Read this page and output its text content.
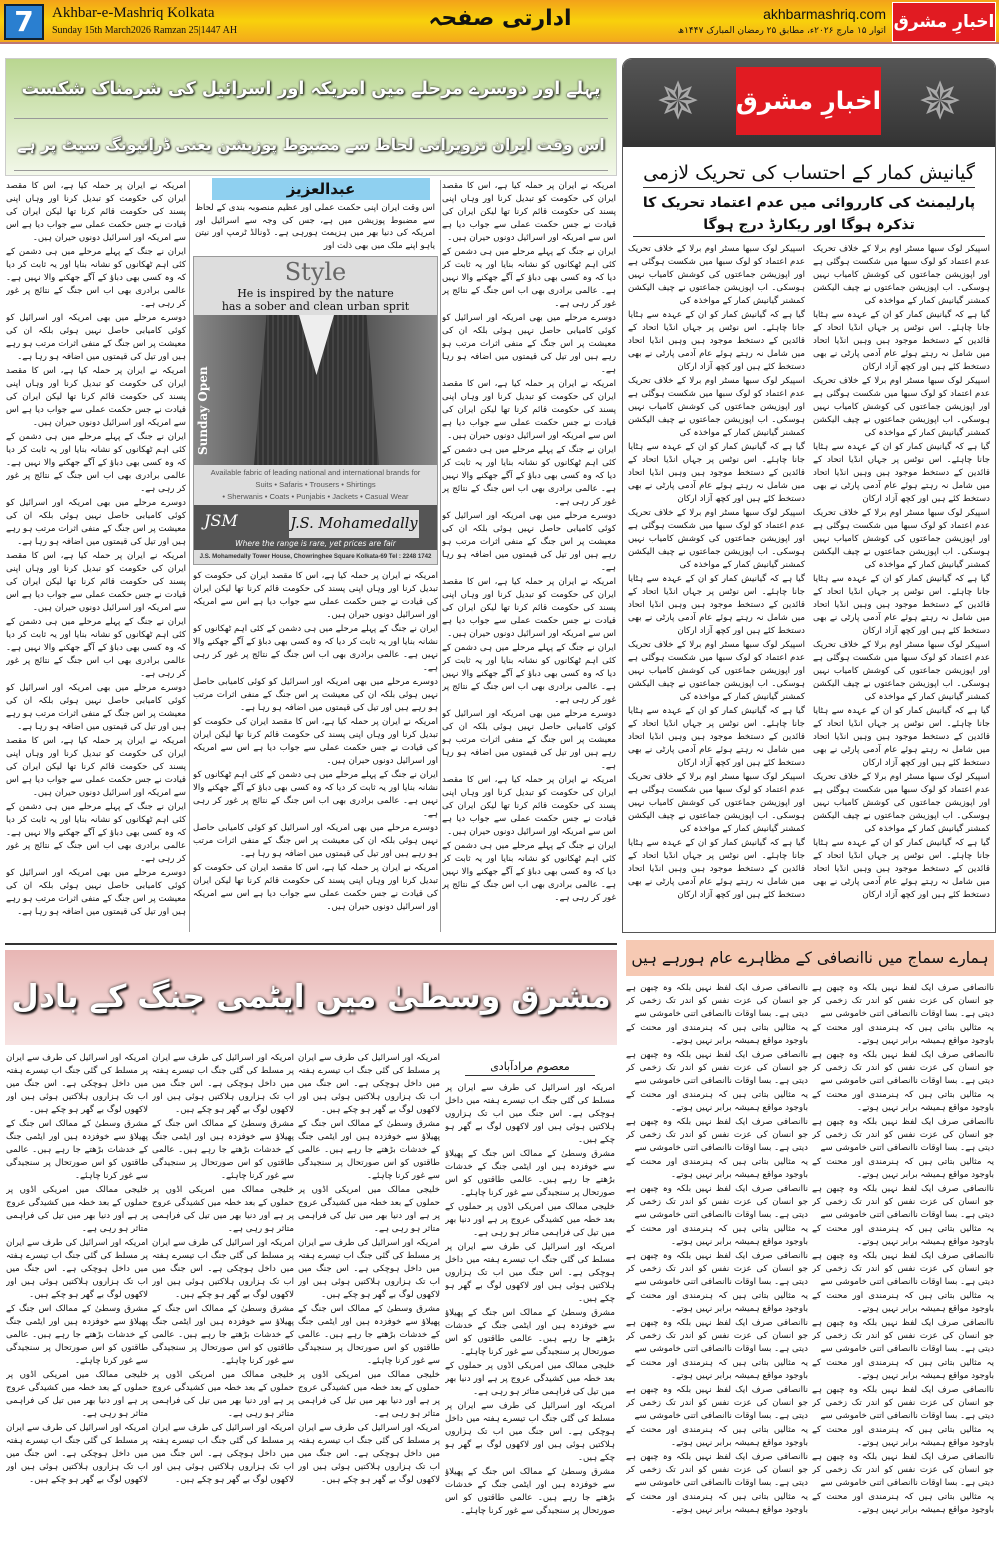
7	Akhbar-e-Mashriq Kolkata
Sunday 15th March2026 Ramzan 25|1447 AH	ادارتی صفحہ	akhbarmashriq.com
اتوار ۱۵ مارچ ۲۰۲۶ء، مطابق ۲۵ رمضان المبارک ۱۴۴۷ھ اخبارِ مشرق
پہلے اور دوسرے مرحلے میں امریکہ اور اسرائیل کی شرمناک شکست
اس وقت ایران تزویراتی لحاظ سے مضبوط پوزیشن یعنی ڈرائیونگ سیٹ پر ہے

امریکہ نے ایران پر حملہ کیا ہے، اس کا مقصد ایران کی حکومت کو تبدیل کرنا اور وہاں اپنی پسند کی حکومت قائم کرنا تھا لیکن ایران کی قیادت نے جس حکمت عملی سے جواب دیا ہے اس سے امریکہ اور اسرائیل دونوں حیران ہیں۔

ایران نے جنگ کے پہلے مرحلے میں ہی دشمن کے کئی اہم ٹھکانوں کو نشانہ بنایا اور یہ ثابت کر دیا کہ وہ کسی بھی دباؤ کے آگے جھکنے والا نہیں ہے۔ عالمی برادری بھی اب اس جنگ کے نتائج پر غور کر رہی ہے۔

دوسرے مرحلے میں بھی امریکہ اور اسرائیل کو کوئی کامیابی حاصل نہیں ہوئی بلکہ ان کی معیشت پر اس جنگ کے منفی اثرات مرتب ہو رہے ہیں اور تیل کی قیمتوں میں اضافہ ہو رہا ہے۔

امریکہ نے ایران پر حملہ کیا ہے، اس کا مقصد ایران کی حکومت کو تبدیل کرنا اور وہاں اپنی پسند کی حکومت قائم کرنا تھا لیکن ایران کی قیادت نے جس حکمت عملی سے جواب دیا ہے اس سے امریکہ اور اسرائیل دونوں حیران ہیں۔

ایران نے جنگ کے پہلے مرحلے میں ہی دشمن کے کئی اہم ٹھکانوں کو نشانہ بنایا اور یہ ثابت کر دیا کہ وہ کسی بھی دباؤ کے آگے جھکنے والا نہیں ہے۔ عالمی برادری بھی اب اس جنگ کے نتائج پر غور کر رہی ہے۔

دوسرے مرحلے میں بھی امریکہ اور اسرائیل کو کوئی کامیابی حاصل نہیں ہوئی بلکہ ان کی معیشت پر اس جنگ کے منفی اثرات مرتب ہو رہے ہیں اور تیل کی قیمتوں میں اضافہ ہو رہا ہے۔

امریکہ نے ایران پر حملہ کیا ہے، اس کا مقصد ایران کی حکومت کو تبدیل کرنا اور وہاں اپنی پسند کی حکومت قائم کرنا تھا لیکن ایران کی قیادت نے جس حکمت عملی سے جواب دیا ہے اس سے امریکہ اور اسرائیل دونوں حیران ہیں۔

ایران نے جنگ کے پہلے مرحلے میں ہی دشمن کے کئی اہم ٹھکانوں کو نشانہ بنایا اور یہ ثابت کر دیا کہ وہ کسی بھی دباؤ کے آگے جھکنے والا نہیں ہے۔ عالمی برادری بھی اب اس جنگ کے نتائج پر غور کر رہی ہے۔

دوسرے مرحلے میں بھی امریکہ اور اسرائیل کو کوئی کامیابی حاصل نہیں ہوئی بلکہ ان کی معیشت پر اس جنگ کے منفی اثرات مرتب ہو رہے ہیں اور تیل کی قیمتوں میں اضافہ ہو رہا ہے۔

امریکہ نے ایران پر حملہ کیا ہے، اس کا مقصد ایران کی حکومت کو تبدیل کرنا اور وہاں اپنی پسند کی حکومت قائم کرنا تھا لیکن ایران کی قیادت نے جس حکمت عملی سے جواب دیا ہے اس سے امریکہ اور اسرائیل دونوں حیران ہیں۔

ایران نے جنگ کے پہلے مرحلے میں ہی دشمن کے کئی اہم ٹھکانوں کو نشانہ بنایا اور یہ ثابت کر دیا کہ وہ کسی بھی دباؤ کے آگے جھکنے والا نہیں ہے۔ عالمی برادری بھی اب اس جنگ کے نتائج پر غور کر رہی ہے۔

عبدالعزیز
اس وقت ایران اپنی حکمت عملی اور عظیم منصوبہ بندی کے لحاظ سے مضبوط پوزیشن میں ہے، جس کی وجہ سے اسرائیل اور امریکہ کی دنیا بھر میں ہزیمت ہورہی ہے۔ ڈونالڈ ٹرمپ اور نیتن یاہو اپنے ملک میں بھی ذلت اور

امریکہ نے ایران پر حملہ کیا ہے، اس کا مقصد ایران کی حکومت کو تبدیل کرنا اور وہاں اپنی پسند کی حکومت قائم کرنا تھا لیکن ایران کی قیادت نے جس حکمت عملی سے جواب دیا ہے اس سے امریکہ اور اسرائیل دونوں حیران ہیں۔

ایران نے جنگ کے پہلے مرحلے میں ہی دشمن کے کئی اہم ٹھکانوں کو نشانہ بنایا اور یہ ثابت کر دیا کہ وہ کسی بھی دباؤ کے آگے جھکنے والا نہیں ہے۔ عالمی برادری بھی اب اس جنگ کے نتائج پر غور کر رہی ہے۔

دوسرے مرحلے میں بھی امریکہ اور اسرائیل کو کوئی کامیابی حاصل نہیں ہوئی بلکہ ان کی معیشت پر اس جنگ کے منفی اثرات مرتب ہو رہے ہیں اور تیل کی قیمتوں میں اضافہ ہو رہا ہے۔

امریکہ نے ایران پر حملہ کیا ہے، اس کا مقصد ایران کی حکومت کو تبدیل کرنا اور وہاں اپنی پسند کی حکومت قائم کرنا تھا لیکن ایران کی قیادت نے جس حکمت عملی سے جواب دیا ہے اس سے امریکہ اور اسرائیل دونوں حیران ہیں۔

ایران نے جنگ کے پہلے مرحلے میں ہی دشمن کے کئی اہم ٹھکانوں کو نشانہ بنایا اور یہ ثابت کر دیا کہ وہ کسی بھی دباؤ کے آگے جھکنے والا نہیں ہے۔ عالمی برادری بھی اب اس جنگ کے نتائج پر غور کر رہی ہے۔

دوسرے مرحلے میں بھی امریکہ اور اسرائیل کو کوئی کامیابی حاصل نہیں ہوئی بلکہ ان کی معیشت پر اس جنگ کے منفی اثرات مرتب ہو رہے ہیں اور تیل کی قیمتوں میں اضافہ ہو رہا ہے۔

امریکہ نے ایران پر حملہ کیا ہے، اس کا مقصد ایران کی حکومت کو تبدیل کرنا اور وہاں اپنی پسند کی حکومت قائم کرنا تھا لیکن ایران کی قیادت نے جس حکمت عملی سے جواب دیا ہے اس سے امریکہ اور اسرائیل دونوں حیران ہیں۔

امریکہ نے ایران پر حملہ کیا ہے، اس کا مقصد ایران کی حکومت کو تبدیل کرنا اور وہاں اپنی پسند کی حکومت قائم کرنا تھا لیکن ایران کی قیادت نے جس حکمت عملی سے جواب دیا ہے اس سے امریکہ اور اسرائیل دونوں حیران ہیں۔

ایران نے جنگ کے پہلے مرحلے میں ہی دشمن کے کئی اہم ٹھکانوں کو نشانہ بنایا اور یہ ثابت کر دیا کہ وہ کسی بھی دباؤ کے آگے جھکنے والا نہیں ہے۔ عالمی برادری بھی اب اس جنگ کے نتائج پر غور کر رہی ہے۔

دوسرے مرحلے میں بھی امریکہ اور اسرائیل کو کوئی کامیابی حاصل نہیں ہوئی بلکہ ان کی معیشت پر اس جنگ کے منفی اثرات مرتب ہو رہے ہیں اور تیل کی قیمتوں میں اضافہ ہو رہا ہے۔

امریکہ نے ایران پر حملہ کیا ہے، اس کا مقصد ایران کی حکومت کو تبدیل کرنا اور وہاں اپنی پسند کی حکومت قائم کرنا تھا لیکن ایران کی قیادت نے جس حکمت عملی سے جواب دیا ہے اس سے امریکہ اور اسرائیل دونوں حیران ہیں۔

ایران نے جنگ کے پہلے مرحلے میں ہی دشمن کے کئی اہم ٹھکانوں کو نشانہ بنایا اور یہ ثابت کر دیا کہ وہ کسی بھی دباؤ کے آگے جھکنے والا نہیں ہے۔ عالمی برادری بھی اب اس جنگ کے نتائج پر غور کر رہی ہے۔

دوسرے مرحلے میں بھی امریکہ اور اسرائیل کو کوئی کامیابی حاصل نہیں ہوئی بلکہ ان کی معیشت پر اس جنگ کے منفی اثرات مرتب ہو رہے ہیں اور تیل کی قیمتوں میں اضافہ ہو رہا ہے۔

امریکہ نے ایران پر حملہ کیا ہے، اس کا مقصد ایران کی حکومت کو تبدیل کرنا اور وہاں اپنی پسند کی حکومت قائم کرنا تھا لیکن ایران کی قیادت نے جس حکمت عملی سے جواب دیا ہے اس سے امریکہ اور اسرائیل دونوں حیران ہیں۔

ایران نے جنگ کے پہلے مرحلے میں ہی دشمن کے کئی اہم ٹھکانوں کو نشانہ بنایا اور یہ ثابت کر دیا کہ وہ کسی بھی دباؤ کے آگے جھکنے والا نہیں ہے۔ عالمی برادری بھی اب اس جنگ کے نتائج پر غور کر رہی ہے۔

دوسرے مرحلے میں بھی امریکہ اور اسرائیل کو کوئی کامیابی حاصل نہیں ہوئی بلکہ ان کی معیشت پر اس جنگ کے منفی اثرات مرتب ہو رہے ہیں اور تیل کی قیمتوں میں اضافہ ہو رہا ہے۔

امریکہ نے ایران پر حملہ کیا ہے، اس کا مقصد ایران کی حکومت کو تبدیل کرنا اور وہاں اپنی پسند کی حکومت قائم کرنا تھا لیکن ایران کی قیادت نے جس حکمت عملی سے جواب دیا ہے اس سے امریکہ اور اسرائیل دونوں حیران ہیں۔

ایران نے جنگ کے پہلے مرحلے میں ہی دشمن کے کئی اہم ٹھکانوں کو نشانہ بنایا اور یہ ثابت کر دیا کہ وہ کسی بھی دباؤ کے آگے جھکنے والا نہیں ہے۔ عالمی برادری بھی اب اس جنگ کے نتائج پر غور کر رہی ہے۔

دوسرے مرحلے میں بھی امریکہ اور اسرائیل کو کوئی کامیابی حاصل نہیں ہوئی بلکہ ان کی معیشت پر اس جنگ کے منفی اثرات مرتب ہو رہے ہیں اور تیل کی قیمتوں میں اضافہ ہو رہا ہے۔

Style
He is inspired by the nature
has a sober and clean urban sprit
Sunday Open
Available fabric of leading national and international brands for
Suits • Safaris • Trousers • Shirtings
• Sherwanis • Coats • Punjabis • Jackets • Casual Wear
JSM	J.S. Mohamedally
Where the range is rare, yet prices are fair
J.S. Mohamedally Tower House, Chowringhee Square Kolkata-69 Tel : 2248 1742
مشرق وسطیٰ میں ایٹمی جنگ کے بادل
معصوم مرادآبادی

امریکہ اور اسرائیل کی طرف سے ایران پر مسلط کی گئی جنگ اب تیسرے ہفتہ میں داخل ہوچکی ہے۔ اس جنگ میں اب تک ہزاروں ہلاکتیں ہوئی ہیں اور لاکھوں لوگ بے گھر ہو چکے ہیں۔

مشرق وسطیٰ کے ممالک اس جنگ کے پھیلاؤ سے خوفزدہ ہیں اور ایٹمی جنگ کے خدشات بڑھتے جا رہے ہیں۔ عالمی طاقتوں کو اس صورتحال پر سنجیدگی سے غور کرنا چاہئے۔

خلیجی ممالک میں امریکی اڈوں پر حملوں کے بعد خطہ میں کشیدگی عروج پر ہے اور دنیا بھر میں تیل کی فراہمی متاثر ہو رہی ہے۔

امریکہ اور اسرائیل کی طرف سے ایران پر مسلط کی گئی جنگ اب تیسرے ہفتہ میں داخل ہوچکی ہے۔ اس جنگ میں اب تک ہزاروں ہلاکتیں ہوئی ہیں اور لاکھوں لوگ بے گھر ہو چکے ہیں۔

مشرق وسطیٰ کے ممالک اس جنگ کے پھیلاؤ سے خوفزدہ ہیں اور ایٹمی جنگ کے خدشات بڑھتے جا رہے ہیں۔ عالمی طاقتوں کو اس صورتحال پر سنجیدگی سے غور کرنا چاہئے۔

خلیجی ممالک میں امریکی اڈوں پر حملوں کے بعد خطہ میں کشیدگی عروج پر ہے اور دنیا بھر میں تیل کی فراہمی متاثر ہو رہی ہے۔

امریکہ اور اسرائیل کی طرف سے ایران پر مسلط کی گئی جنگ اب تیسرے ہفتہ میں داخل ہوچکی ہے۔ اس جنگ میں اب تک ہزاروں ہلاکتیں ہوئی ہیں اور لاکھوں لوگ بے گھر ہو چکے ہیں۔

مشرق وسطیٰ کے ممالک اس جنگ کے پھیلاؤ سے خوفزدہ ہیں اور ایٹمی جنگ کے خدشات بڑھتے جا رہے ہیں۔ عالمی طاقتوں کو اس صورتحال پر سنجیدگی سے غور کرنا چاہئے۔

امریکہ اور اسرائیل کی طرف سے ایران پر مسلط کی گئی جنگ اب تیسرے ہفتہ میں داخل ہوچکی ہے۔ اس جنگ میں اب تک ہزاروں ہلاکتیں ہوئی ہیں اور لاکھوں لوگ بے گھر ہو چکے ہیں۔

مشرق وسطیٰ کے ممالک اس جنگ کے پھیلاؤ سے خوفزدہ ہیں اور ایٹمی جنگ کے خدشات بڑھتے جا رہے ہیں۔ عالمی طاقتوں کو اس صورتحال پر سنجیدگی سے غور کرنا چاہئے۔

خلیجی ممالک میں امریکی اڈوں پر حملوں کے بعد خطہ میں کشیدگی عروج پر ہے اور دنیا بھر میں تیل کی فراہمی متاثر ہو رہی ہے۔

امریکہ اور اسرائیل کی طرف سے ایران پر مسلط کی گئی جنگ اب تیسرے ہفتہ میں داخل ہوچکی ہے۔ اس جنگ میں اب تک ہزاروں ہلاکتیں ہوئی ہیں اور لاکھوں لوگ بے گھر ہو چکے ہیں۔

مشرق وسطیٰ کے ممالک اس جنگ کے پھیلاؤ سے خوفزدہ ہیں اور ایٹمی جنگ کے خدشات بڑھتے جا رہے ہیں۔ عالمی طاقتوں کو اس صورتحال پر سنجیدگی سے غور کرنا چاہئے۔

خلیجی ممالک میں امریکی اڈوں پر حملوں کے بعد خطہ میں کشیدگی عروج پر ہے اور دنیا بھر میں تیل کی فراہمی متاثر ہو رہی ہے۔

امریکہ اور اسرائیل کی طرف سے ایران پر مسلط کی گئی جنگ اب تیسرے ہفتہ میں داخل ہوچکی ہے۔ اس جنگ میں اب تک ہزاروں ہلاکتیں ہوئی ہیں اور لاکھوں لوگ بے گھر ہو چکے ہیں۔

امریکہ اور اسرائیل کی طرف سے ایران پر مسلط کی گئی جنگ اب تیسرے ہفتہ میں داخل ہوچکی ہے۔ اس جنگ میں اب تک ہزاروں ہلاکتیں ہوئی ہیں اور لاکھوں لوگ بے گھر ہو چکے ہیں۔

مشرق وسطیٰ کے ممالک اس جنگ کے پھیلاؤ سے خوفزدہ ہیں اور ایٹمی جنگ کے خدشات بڑھتے جا رہے ہیں۔ عالمی طاقتوں کو اس صورتحال پر سنجیدگی سے غور کرنا چاہئے۔

خلیجی ممالک میں امریکی اڈوں پر حملوں کے بعد خطہ میں کشیدگی عروج پر ہے اور دنیا بھر میں تیل کی فراہمی متاثر ہو رہی ہے۔

امریکہ اور اسرائیل کی طرف سے ایران پر مسلط کی گئی جنگ اب تیسرے ہفتہ میں داخل ہوچکی ہے۔ اس جنگ میں اب تک ہزاروں ہلاکتیں ہوئی ہیں اور لاکھوں لوگ بے گھر ہو چکے ہیں۔

مشرق وسطیٰ کے ممالک اس جنگ کے پھیلاؤ سے خوفزدہ ہیں اور ایٹمی جنگ کے خدشات بڑھتے جا رہے ہیں۔ عالمی طاقتوں کو اس صورتحال پر سنجیدگی سے غور کرنا چاہئے۔

خلیجی ممالک میں امریکی اڈوں پر حملوں کے بعد خطہ میں کشیدگی عروج پر ہے اور دنیا بھر میں تیل کی فراہمی متاثر ہو رہی ہے۔

امریکہ اور اسرائیل کی طرف سے ایران پر مسلط کی گئی جنگ اب تیسرے ہفتہ میں داخل ہوچکی ہے۔ اس جنگ میں اب تک ہزاروں ہلاکتیں ہوئی ہیں اور لاکھوں لوگ بے گھر ہو چکے ہیں۔

امریکہ اور اسرائیل کی طرف سے ایران پر مسلط کی گئی جنگ اب تیسرے ہفتہ میں داخل ہوچکی ہے۔ اس جنگ میں اب تک ہزاروں ہلاکتیں ہوئی ہیں اور لاکھوں لوگ بے گھر ہو چکے ہیں۔

مشرق وسطیٰ کے ممالک اس جنگ کے پھیلاؤ سے خوفزدہ ہیں اور ایٹمی جنگ کے خدشات بڑھتے جا رہے ہیں۔ عالمی طاقتوں کو اس صورتحال پر سنجیدگی سے غور کرنا چاہئے۔

خلیجی ممالک میں امریکی اڈوں پر حملوں کے بعد خطہ میں کشیدگی عروج پر ہے اور دنیا بھر میں تیل کی فراہمی متاثر ہو رہی ہے۔

امریکہ اور اسرائیل کی طرف سے ایران پر مسلط کی گئی جنگ اب تیسرے ہفتہ میں داخل ہوچکی ہے۔ اس جنگ میں اب تک ہزاروں ہلاکتیں ہوئی ہیں اور لاکھوں لوگ بے گھر ہو چکے ہیں۔

مشرق وسطیٰ کے ممالک اس جنگ کے پھیلاؤ سے خوفزدہ ہیں اور ایٹمی جنگ کے خدشات بڑھتے جا رہے ہیں۔ عالمی طاقتوں کو اس صورتحال پر سنجیدگی سے غور کرنا چاہئے۔

خلیجی ممالک میں امریکی اڈوں پر حملوں کے بعد خطہ میں کشیدگی عروج پر ہے اور دنیا بھر میں تیل کی فراہمی متاثر ہو رہی ہے۔

امریکہ اور اسرائیل کی طرف سے ایران پر مسلط کی گئی جنگ اب تیسرے ہفتہ میں داخل ہوچکی ہے۔ اس جنگ میں اب تک ہزاروں ہلاکتیں ہوئی ہیں اور لاکھوں لوگ بے گھر ہو چکے ہیں۔

✵	اخبارِ مشرق ✵
گیانیش کمار کے احتساب کی تحریک لازمی
پارلیمنٹ کی کارروائی میں عدم اعتماد تحریک کا تذکرہ ہوگا اور ریکارڈ درج ہوگا

اسپیکر لوک سبھا مسٹر اوم برلا کے خلاف تحریک عدم اعتماد کو لوک سبھا میں شکست ہوگئی ہے اور اپوزیشن جماعتوں کی کوشش کامیاب نہیں ہوسکی۔ اب اپوزیشن جماعتوں نے چیف الیکشن کمشنر گیانیش کمار کے مواخذہ کی

گیا ہے کہ گیانیش کمار کو ان کے عہدہ سے ہٹایا جانا چاہئے۔ اس نوٹس پر جہاں انڈیا اتحاد کے قائدین کے دستخط موجود ہیں وہیں انڈیا اتحاد میں شامل نہ رہتے ہوئے عام آدمی پارٹی نے بھی دستخط کئے ہیں اور کچھ آزاد ارکان

اسپیکر لوک سبھا مسٹر اوم برلا کے خلاف تحریک عدم اعتماد کو لوک سبھا میں شکست ہوگئی ہے اور اپوزیشن جماعتوں کی کوشش کامیاب نہیں ہوسکی۔ اب اپوزیشن جماعتوں نے چیف الیکشن کمشنر گیانیش کمار کے مواخذہ کی

گیا ہے کہ گیانیش کمار کو ان کے عہدہ سے ہٹایا جانا چاہئے۔ اس نوٹس پر جہاں انڈیا اتحاد کے قائدین کے دستخط موجود ہیں وہیں انڈیا اتحاد میں شامل نہ رہتے ہوئے عام آدمی پارٹی نے بھی دستخط کئے ہیں اور کچھ آزاد ارکان

اسپیکر لوک سبھا مسٹر اوم برلا کے خلاف تحریک عدم اعتماد کو لوک سبھا میں شکست ہوگئی ہے اور اپوزیشن جماعتوں کی کوشش کامیاب نہیں ہوسکی۔ اب اپوزیشن جماعتوں نے چیف الیکشن کمشنر گیانیش کمار کے مواخذہ کی

گیا ہے کہ گیانیش کمار کو ان کے عہدہ سے ہٹایا جانا چاہئے۔ اس نوٹس پر جہاں انڈیا اتحاد کے قائدین کے دستخط موجود ہیں وہیں انڈیا اتحاد میں شامل نہ رہتے ہوئے عام آدمی پارٹی نے بھی دستخط کئے ہیں اور کچھ آزاد ارکان

اسپیکر لوک سبھا مسٹر اوم برلا کے خلاف تحریک عدم اعتماد کو لوک سبھا میں شکست ہوگئی ہے اور اپوزیشن جماعتوں کی کوشش کامیاب نہیں ہوسکی۔ اب اپوزیشن جماعتوں نے چیف الیکشن کمشنر گیانیش کمار کے مواخذہ کی

گیا ہے کہ گیانیش کمار کو ان کے عہدہ سے ہٹایا جانا چاہئے۔ اس نوٹس پر جہاں انڈیا اتحاد کے قائدین کے دستخط موجود ہیں وہیں انڈیا اتحاد میں شامل نہ رہتے ہوئے عام آدمی پارٹی نے بھی دستخط کئے ہیں اور کچھ آزاد ارکان

اسپیکر لوک سبھا مسٹر اوم برلا کے خلاف تحریک عدم اعتماد کو لوک سبھا میں شکست ہوگئی ہے اور اپوزیشن جماعتوں کی کوشش کامیاب نہیں ہوسکی۔ اب اپوزیشن جماعتوں نے چیف الیکشن کمشنر گیانیش کمار کے مواخذہ کی

گیا ہے کہ گیانیش کمار کو ان کے عہدہ سے ہٹایا جانا چاہئے۔ اس نوٹس پر جہاں انڈیا اتحاد کے قائدین کے دستخط موجود ہیں وہیں انڈیا اتحاد میں شامل نہ رہتے ہوئے عام آدمی پارٹی نے بھی دستخط کئے ہیں اور کچھ آزاد ارکان

اسپیکر لوک سبھا مسٹر اوم برلا کے خلاف تحریک عدم اعتماد کو لوک سبھا میں شکست ہوگئی ہے اور اپوزیشن جماعتوں کی کوشش کامیاب نہیں ہوسکی۔ اب اپوزیشن جماعتوں نے چیف الیکشن کمشنر گیانیش کمار کے مواخذہ کی

گیا ہے کہ گیانیش کمار کو ان کے عہدہ سے ہٹایا جانا چاہئے۔ اس نوٹس پر جہاں انڈیا اتحاد کے قائدین کے دستخط موجود ہیں وہیں انڈیا اتحاد میں شامل نہ رہتے ہوئے عام آدمی پارٹی نے بھی دستخط کئے ہیں اور کچھ آزاد ارکان

اسپیکر لوک سبھا مسٹر اوم برلا کے خلاف تحریک عدم اعتماد کو لوک سبھا میں شکست ہوگئی ہے اور اپوزیشن جماعتوں کی کوشش کامیاب نہیں ہوسکی۔ اب اپوزیشن جماعتوں نے چیف الیکشن کمشنر گیانیش کمار کے مواخذہ کی

گیا ہے کہ گیانیش کمار کو ان کے عہدہ سے ہٹایا جانا چاہئے۔ اس نوٹس پر جہاں انڈیا اتحاد کے قائدین کے دستخط موجود ہیں وہیں انڈیا اتحاد میں شامل نہ رہتے ہوئے عام آدمی پارٹی نے بھی دستخط کئے ہیں اور کچھ آزاد ارکان

اسپیکر لوک سبھا مسٹر اوم برلا کے خلاف تحریک عدم اعتماد کو لوک سبھا میں شکست ہوگئی ہے اور اپوزیشن جماعتوں کی کوشش کامیاب نہیں ہوسکی۔ اب اپوزیشن جماعتوں نے چیف الیکشن کمشنر گیانیش کمار کے مواخذہ کی

گیا ہے کہ گیانیش کمار کو ان کے عہدہ سے ہٹایا جانا چاہئے۔ اس نوٹس پر جہاں انڈیا اتحاد کے قائدین کے دستخط موجود ہیں وہیں انڈیا اتحاد میں شامل نہ رہتے ہوئے عام آدمی پارٹی نے بھی دستخط کئے ہیں اور کچھ آزاد ارکان

اسپیکر لوک سبھا مسٹر اوم برلا کے خلاف تحریک عدم اعتماد کو لوک سبھا میں شکست ہوگئی ہے اور اپوزیشن جماعتوں کی کوشش کامیاب نہیں ہوسکی۔ اب اپوزیشن جماعتوں نے چیف الیکشن کمشنر گیانیش کمار کے مواخذہ کی

گیا ہے کہ گیانیش کمار کو ان کے عہدہ سے ہٹایا جانا چاہئے۔ اس نوٹس پر جہاں انڈیا اتحاد کے قائدین کے دستخط موجود ہیں وہیں انڈیا اتحاد میں شامل نہ رہتے ہوئے عام آدمی پارٹی نے بھی دستخط کئے ہیں اور کچھ آزاد ارکان

اسپیکر لوک سبھا مسٹر اوم برلا کے خلاف تحریک عدم اعتماد کو لوک سبھا میں شکست ہوگئی ہے اور اپوزیشن جماعتوں کی کوشش کامیاب نہیں ہوسکی۔ اب اپوزیشن جماعتوں نے چیف الیکشن کمشنر گیانیش کمار کے مواخذہ کی

گیا ہے کہ گیانیش کمار کو ان کے عہدہ سے ہٹایا جانا چاہئے۔ اس نوٹس پر جہاں انڈیا اتحاد کے قائدین کے دستخط موجود ہیں وہیں انڈیا اتحاد میں شامل نہ رہتے ہوئے عام آدمی پارٹی نے بھی دستخط کئے ہیں اور کچھ آزاد ارکان

ہمارے سماج میں ناانصافی کے مظاہرے عام ہورہے ہیں

ناانصافی صرف ایک لفظ نہیں بلکہ وہ چبھن ہے جو انسان کی عزت نفس کو اندر تک زخمی کر دیتی ہے۔ بسا اوقات ناانصافی اتنی خاموشی سے

یہ مثالیں بتاتی ہیں کہ ہنرمندی اور محنت کے باوجود مواقع ہمیشہ برابر نہیں ہوتے۔

ناانصافی صرف ایک لفظ نہیں بلکہ وہ چبھن ہے جو انسان کی عزت نفس کو اندر تک زخمی کر دیتی ہے۔ بسا اوقات ناانصافی اتنی خاموشی سے

یہ مثالیں بتاتی ہیں کہ ہنرمندی اور محنت کے باوجود مواقع ہمیشہ برابر نہیں ہوتے۔

ناانصافی صرف ایک لفظ نہیں بلکہ وہ چبھن ہے جو انسان کی عزت نفس کو اندر تک زخمی کر دیتی ہے۔ بسا اوقات ناانصافی اتنی خاموشی سے

یہ مثالیں بتاتی ہیں کہ ہنرمندی اور محنت کے باوجود مواقع ہمیشہ برابر نہیں ہوتے۔

ناانصافی صرف ایک لفظ نہیں بلکہ وہ چبھن ہے جو انسان کی عزت نفس کو اندر تک زخمی کر دیتی ہے۔ بسا اوقات ناانصافی اتنی خاموشی سے

یہ مثالیں بتاتی ہیں کہ ہنرمندی اور محنت کے باوجود مواقع ہمیشہ برابر نہیں ہوتے۔

ناانصافی صرف ایک لفظ نہیں بلکہ وہ چبھن ہے جو انسان کی عزت نفس کو اندر تک زخمی کر دیتی ہے۔ بسا اوقات ناانصافی اتنی خاموشی سے

یہ مثالیں بتاتی ہیں کہ ہنرمندی اور محنت کے باوجود مواقع ہمیشہ برابر نہیں ہوتے۔

ناانصافی صرف ایک لفظ نہیں بلکہ وہ چبھن ہے جو انسان کی عزت نفس کو اندر تک زخمی کر دیتی ہے۔ بسا اوقات ناانصافی اتنی خاموشی سے

یہ مثالیں بتاتی ہیں کہ ہنرمندی اور محنت کے باوجود مواقع ہمیشہ برابر نہیں ہوتے۔

ناانصافی صرف ایک لفظ نہیں بلکہ وہ چبھن ہے جو انسان کی عزت نفس کو اندر تک زخمی کر دیتی ہے۔ بسا اوقات ناانصافی اتنی خاموشی سے

یہ مثالیں بتاتی ہیں کہ ہنرمندی اور محنت کے باوجود مواقع ہمیشہ برابر نہیں ہوتے۔

ناانصافی صرف ایک لفظ نہیں بلکہ وہ چبھن ہے جو انسان کی عزت نفس کو اندر تک زخمی کر دیتی ہے۔ بسا اوقات ناانصافی اتنی خاموشی سے

یہ مثالیں بتاتی ہیں کہ ہنرمندی اور محنت کے باوجود مواقع ہمیشہ برابر نہیں ہوتے۔

ناانصافی صرف ایک لفظ نہیں بلکہ وہ چبھن ہے جو انسان کی عزت نفس کو اندر تک زخمی کر دیتی ہے۔ بسا اوقات ناانصافی اتنی خاموشی سے

یہ مثالیں بتاتی ہیں کہ ہنرمندی اور محنت کے باوجود مواقع ہمیشہ برابر نہیں ہوتے۔

ناانصافی صرف ایک لفظ نہیں بلکہ وہ چبھن ہے جو انسان کی عزت نفس کو اندر تک زخمی کر دیتی ہے۔ بسا اوقات ناانصافی اتنی خاموشی سے

یہ مثالیں بتاتی ہیں کہ ہنرمندی اور محنت کے باوجود مواقع ہمیشہ برابر نہیں ہوتے۔

ناانصافی صرف ایک لفظ نہیں بلکہ وہ چبھن ہے جو انسان کی عزت نفس کو اندر تک زخمی کر دیتی ہے۔ بسا اوقات ناانصافی اتنی خاموشی سے

یہ مثالیں بتاتی ہیں کہ ہنرمندی اور محنت کے باوجود مواقع ہمیشہ برابر نہیں ہوتے۔

ناانصافی صرف ایک لفظ نہیں بلکہ وہ چبھن ہے جو انسان کی عزت نفس کو اندر تک زخمی کر دیتی ہے۔ بسا اوقات ناانصافی اتنی خاموشی سے

یہ مثالیں بتاتی ہیں کہ ہنرمندی اور محنت کے باوجود مواقع ہمیشہ برابر نہیں ہوتے۔

ناانصافی صرف ایک لفظ نہیں بلکہ وہ چبھن ہے جو انسان کی عزت نفس کو اندر تک زخمی کر دیتی ہے۔ بسا اوقات ناانصافی اتنی خاموشی سے

یہ مثالیں بتاتی ہیں کہ ہنرمندی اور محنت کے باوجود مواقع ہمیشہ برابر نہیں ہوتے۔

ناانصافی صرف ایک لفظ نہیں بلکہ وہ چبھن ہے جو انسان کی عزت نفس کو اندر تک زخمی کر دیتی ہے۔ بسا اوقات ناانصافی اتنی خاموشی سے

یہ مثالیں بتاتی ہیں کہ ہنرمندی اور محنت کے باوجود مواقع ہمیشہ برابر نہیں ہوتے۔

ناانصافی صرف ایک لفظ نہیں بلکہ وہ چبھن ہے جو انسان کی عزت نفس کو اندر تک زخمی کر دیتی ہے۔ بسا اوقات ناانصافی اتنی خاموشی سے

یہ مثالیں بتاتی ہیں کہ ہنرمندی اور محنت کے باوجود مواقع ہمیشہ برابر نہیں ہوتے۔

ناانصافی صرف ایک لفظ نہیں بلکہ وہ چبھن ہے جو انسان کی عزت نفس کو اندر تک زخمی کر دیتی ہے۔ بسا اوقات ناانصافی اتنی خاموشی سے

یہ مثالیں بتاتی ہیں کہ ہنرمندی اور محنت کے باوجود مواقع ہمیشہ برابر نہیں ہوتے۔
